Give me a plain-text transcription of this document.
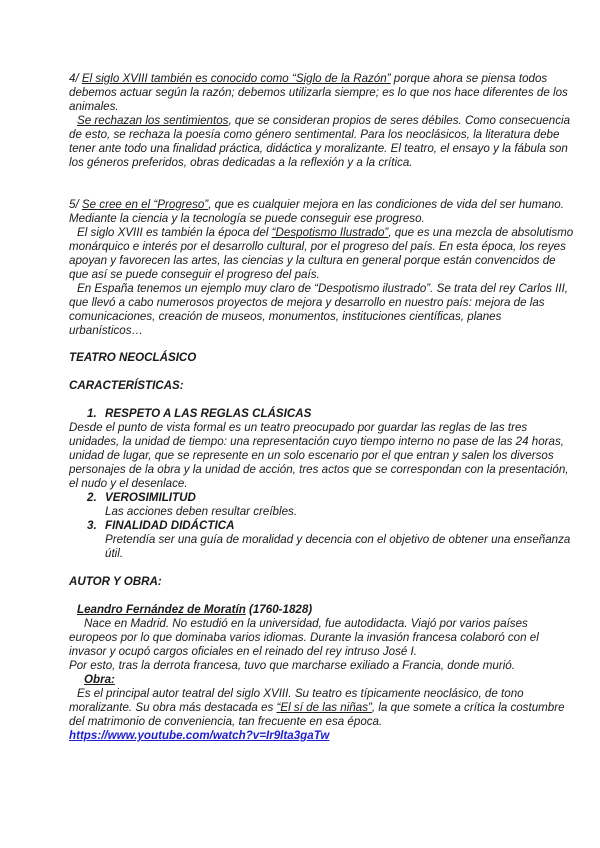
4/ El siglo XVIII también es conocido como “Siglo de la Razón” porque ahora se piensa todos debemos actuar según la razón; debemos utilizarla siempre; es lo que nos hace diferentes de los animales.

Se rechazan los sentimientos, que se consideran propios de seres débiles. Como consecuencia de esto, se rechaza la poesía como género sentimental. Para los neoclásicos, la literatura debe tener ante todo una finalidad práctica, didáctica y moralizante. El teatro, el ensayo y la fábula son los géneros preferidos, obras dedicadas a la reflexión y a la crítica.

5/ Se cree en el “Progreso”, que es cualquier mejora en las condiciones de vida del ser humano. Mediante la ciencia y la tecnología se puede conseguir ese progreso.

El siglo XVIII es también la época del “Despotismo Ilustrado”, que es una mezcla de absolutismo monárquico e interés por el desarrollo cultural, por el progreso del país. En esta época, los reyes apoyan y favorecen las artes, las ciencias y la cultura en general porque están convencidos de que así se puede conseguir el progreso del país.

En España tenemos un ejemplo muy claro de “Despotismo ilustrado”. Se trata del rey Carlos III, que llevó a cabo numerosos proyectos de mejora y desarrollo en nuestro país: mejora de las comunicaciones, creación de museos, monumentos, instituciones científicas, planes urbanísticos…

TEATRO NEOCLÁSICO
CARACTERÍSTICAS:
1. RESPETO A LAS REGLAS CLÁSICAS
Desde el punto de vista formal es un teatro preocupado por guardar las reglas de las tres unidades, la unidad de tiempo: una representación cuyo tiempo interno no pase de las 24 horas, unidad de lugar, que se represente en un solo escenario por el que entran y salen los diversos personajes de la obra y la unidad de acción, tres actos que se correspondan con la presentación, el nudo y el desenlace.
2. VEROSIMILITUD
Las acciones deben resultar creíbles.
3. FINALIDAD DIDÁCTICA
Pretendía ser una guía de moralidad y decencia con el objetivo de obtener una enseñanza útil.
AUTOR Y OBRA:

Leandro Fernández de Moratín (1760-1828)

Nace en Madrid. No estudió en la universidad, fue autodidacta. Viajó por varios países europeos por lo que dominaba varios idiomas. Durante la invasión francesa colaboró con el invasor y ocupó cargos oficiales en el reinado del rey intruso José I.

Por esto, tras la derrota francesa, tuvo que marcharse exiliado a Francia, donde murió.

Obra:

Es el principal autor teatral del siglo XVIII. Su teatro es típicamente neoclásico, de tono moralizante. Su obra más destacada es “El sí de las niñas”, la que somete a crítica la costumbre del matrimonio de conveniencia, tan frecuente en esa época.

https://www.youtube.com/watch?v=Ir9lta3gaTw
